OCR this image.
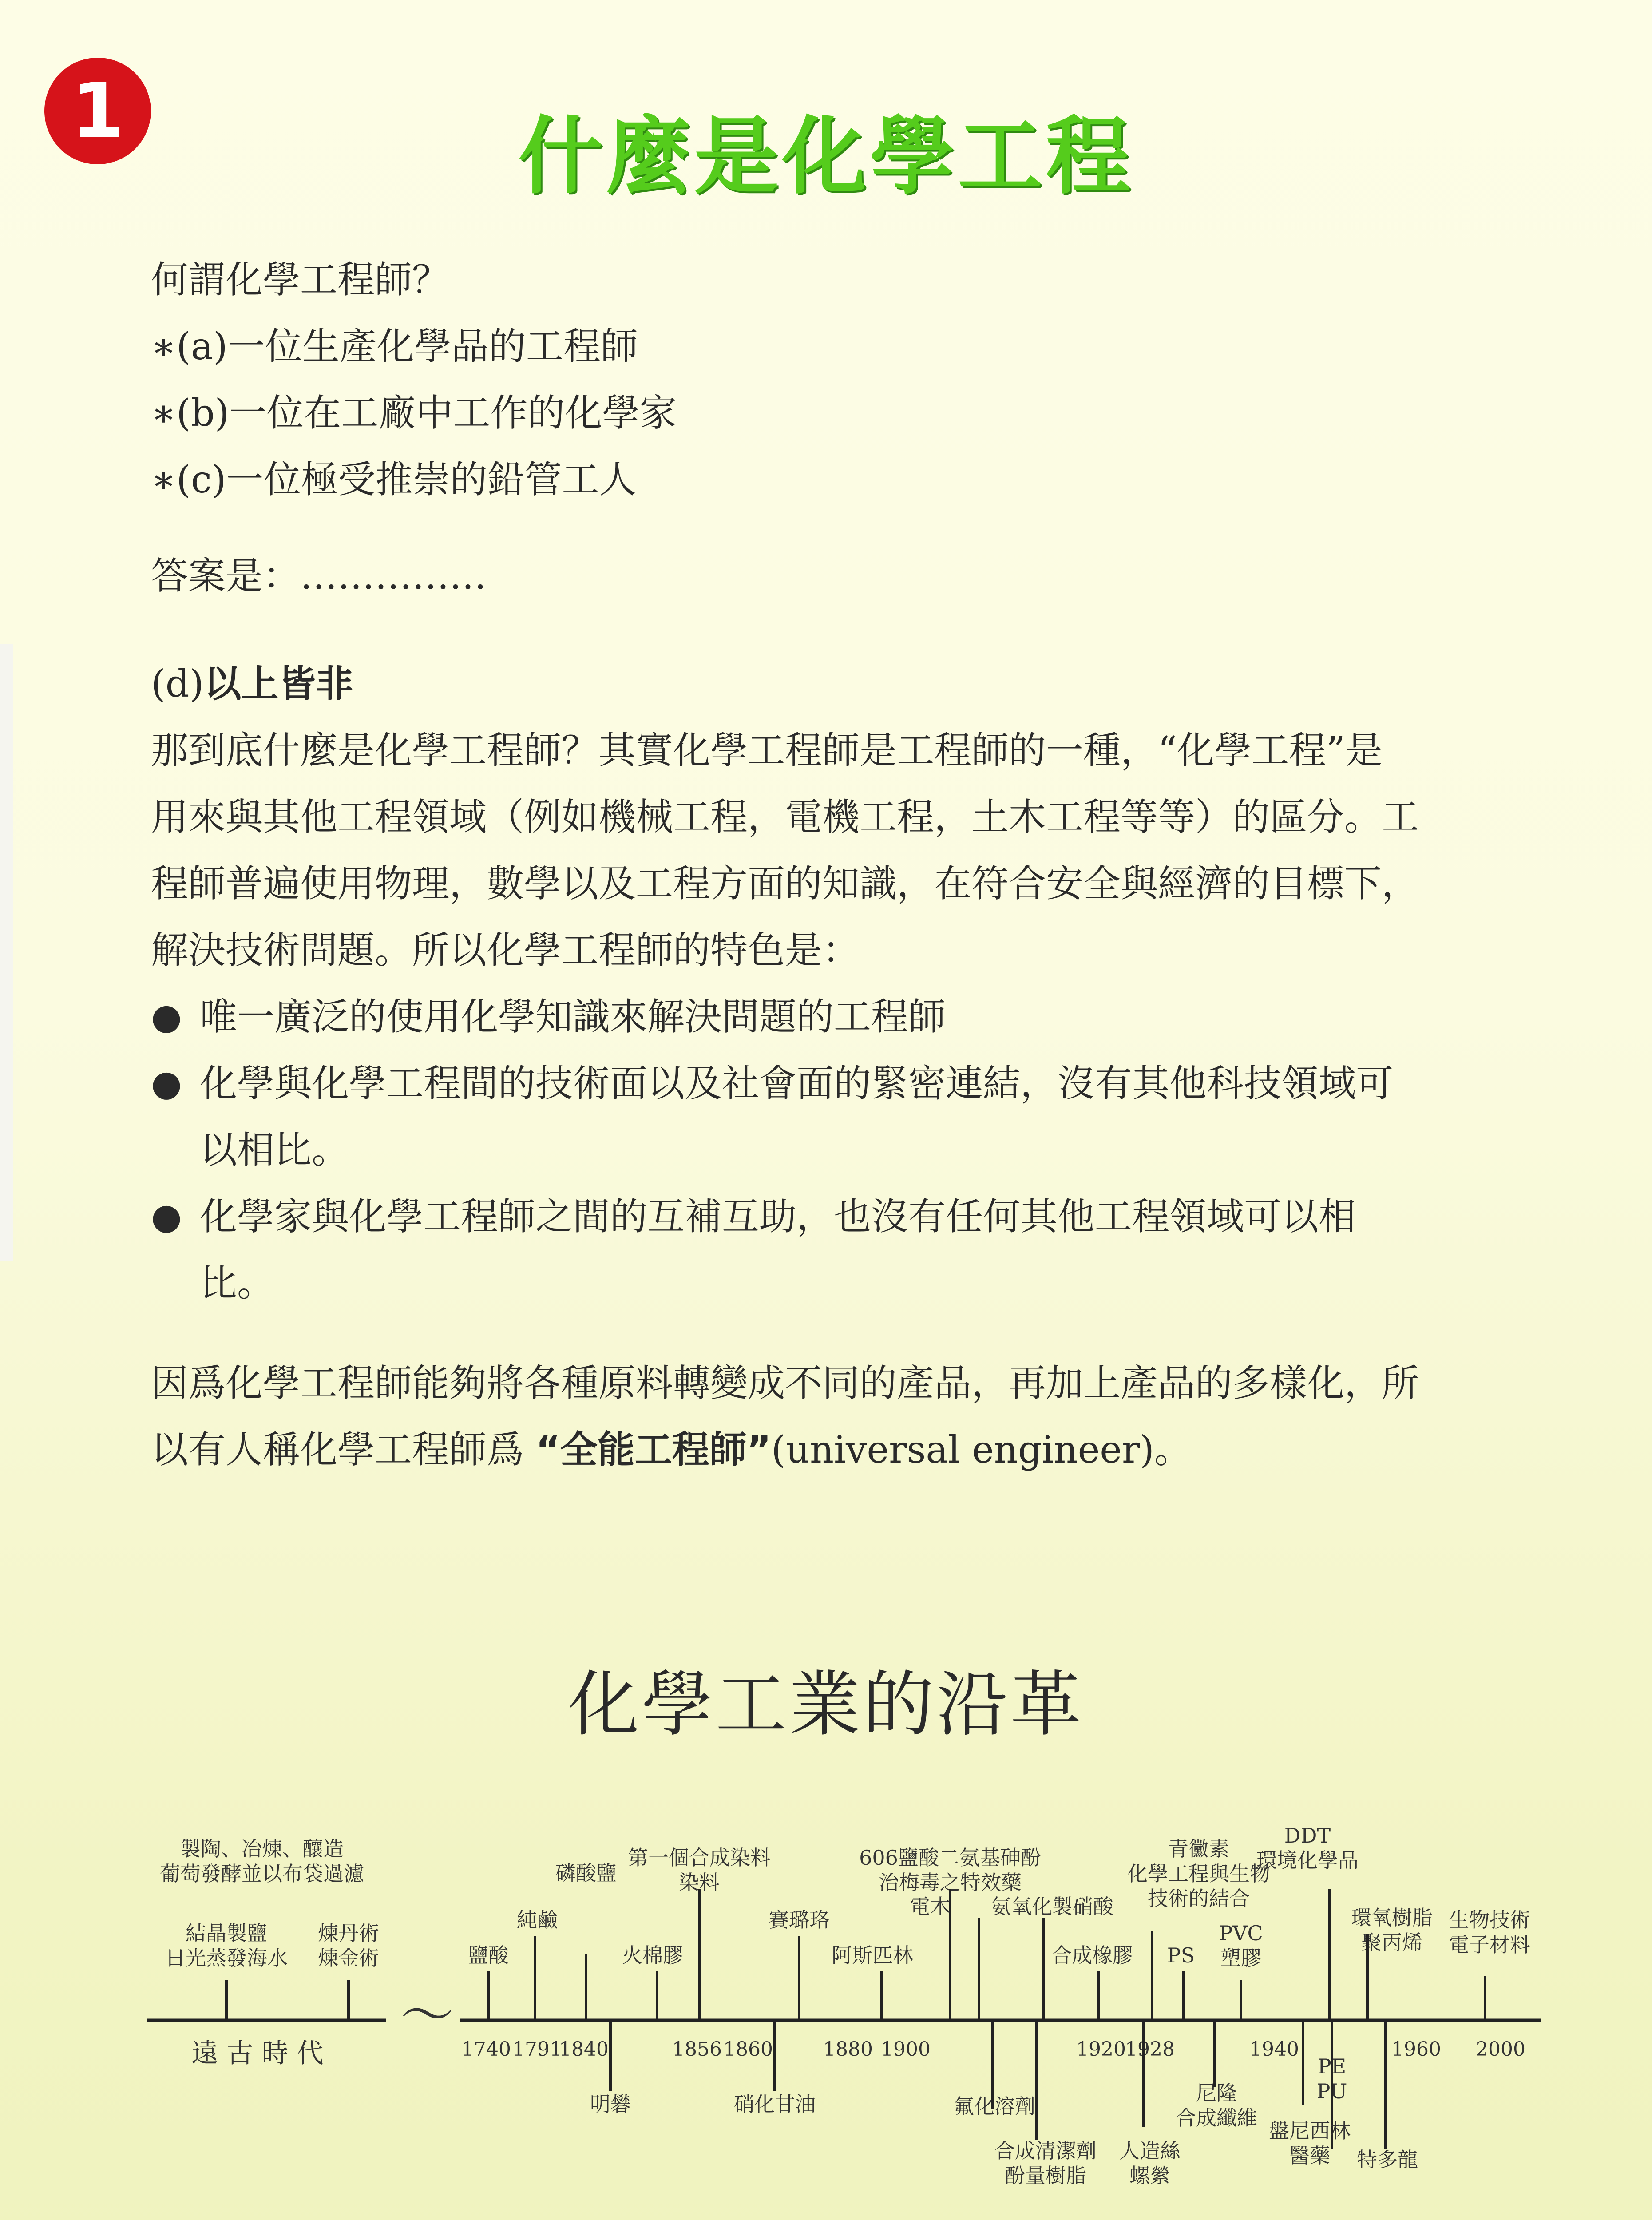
1	什麼是化學工程
何謂化學工程師？
∗(a)一位生產化學品的工程師
∗(b)一位在工廠中工作的化學家
∗(c)一位極受推崇的鉛管工人
答案是：……………
(d)以上皆非
那到底什麼是化學工程師？其實化學工程師是工程師的一種，“化學工程”是
用來與其他工程領域（例如機械工程，電機工程，土木工程等等）的區分。工
程師普遍使用物理，數學以及工程方面的知識，在符合安全與經濟的目標下，
解決技術問題。所以化學工程師的特色是：
● 唯一廣泛的使用化學知識來解決問題的工程師
● 化學與化學工程間的技術面以及社會面的緊密連結，沒有其他科技領域可
以相比。
● 化學家與化學工程師之間的互補互助，也沒有任何其他工程領域可以相
比。
因爲化學工程師能夠將各種原料轉變成不同的產品，再加上產品的多樣化，所
以有人稱化學工程師爲 “全能工程師”(universal engineer)。
化學工業的沿革
～
遠 古 時 代
製陶、冶煉、釀造葡萄發酵並以布袋過濾
結晶製鹽日光蒸發海水
煉丹術煉金術
1740 1791
1840	1856 1860	1880 1900	1920
1928	1940	1960 2000
鹽酸
純鹼
磷酸鹽
火棉膠
第一個合成染料染料
賽璐珞
阿斯匹林
606鹽酸二氨基砷酚治梅毒之特效藥
電木 氨氧化製硝酸
合成橡膠 PS
青黴素化學工程與生物技術的結合
PVC 塑膠
DDT 環境化學品
環氧樹脂聚丙烯
生物技術電子材料
明礬	硝化甘油	氟化溶劑
合成清潔劑酚量樹脂
人造絲螺縈
尼隆合成纖維
PE PU
盤尼西林醫藥	特多龍
